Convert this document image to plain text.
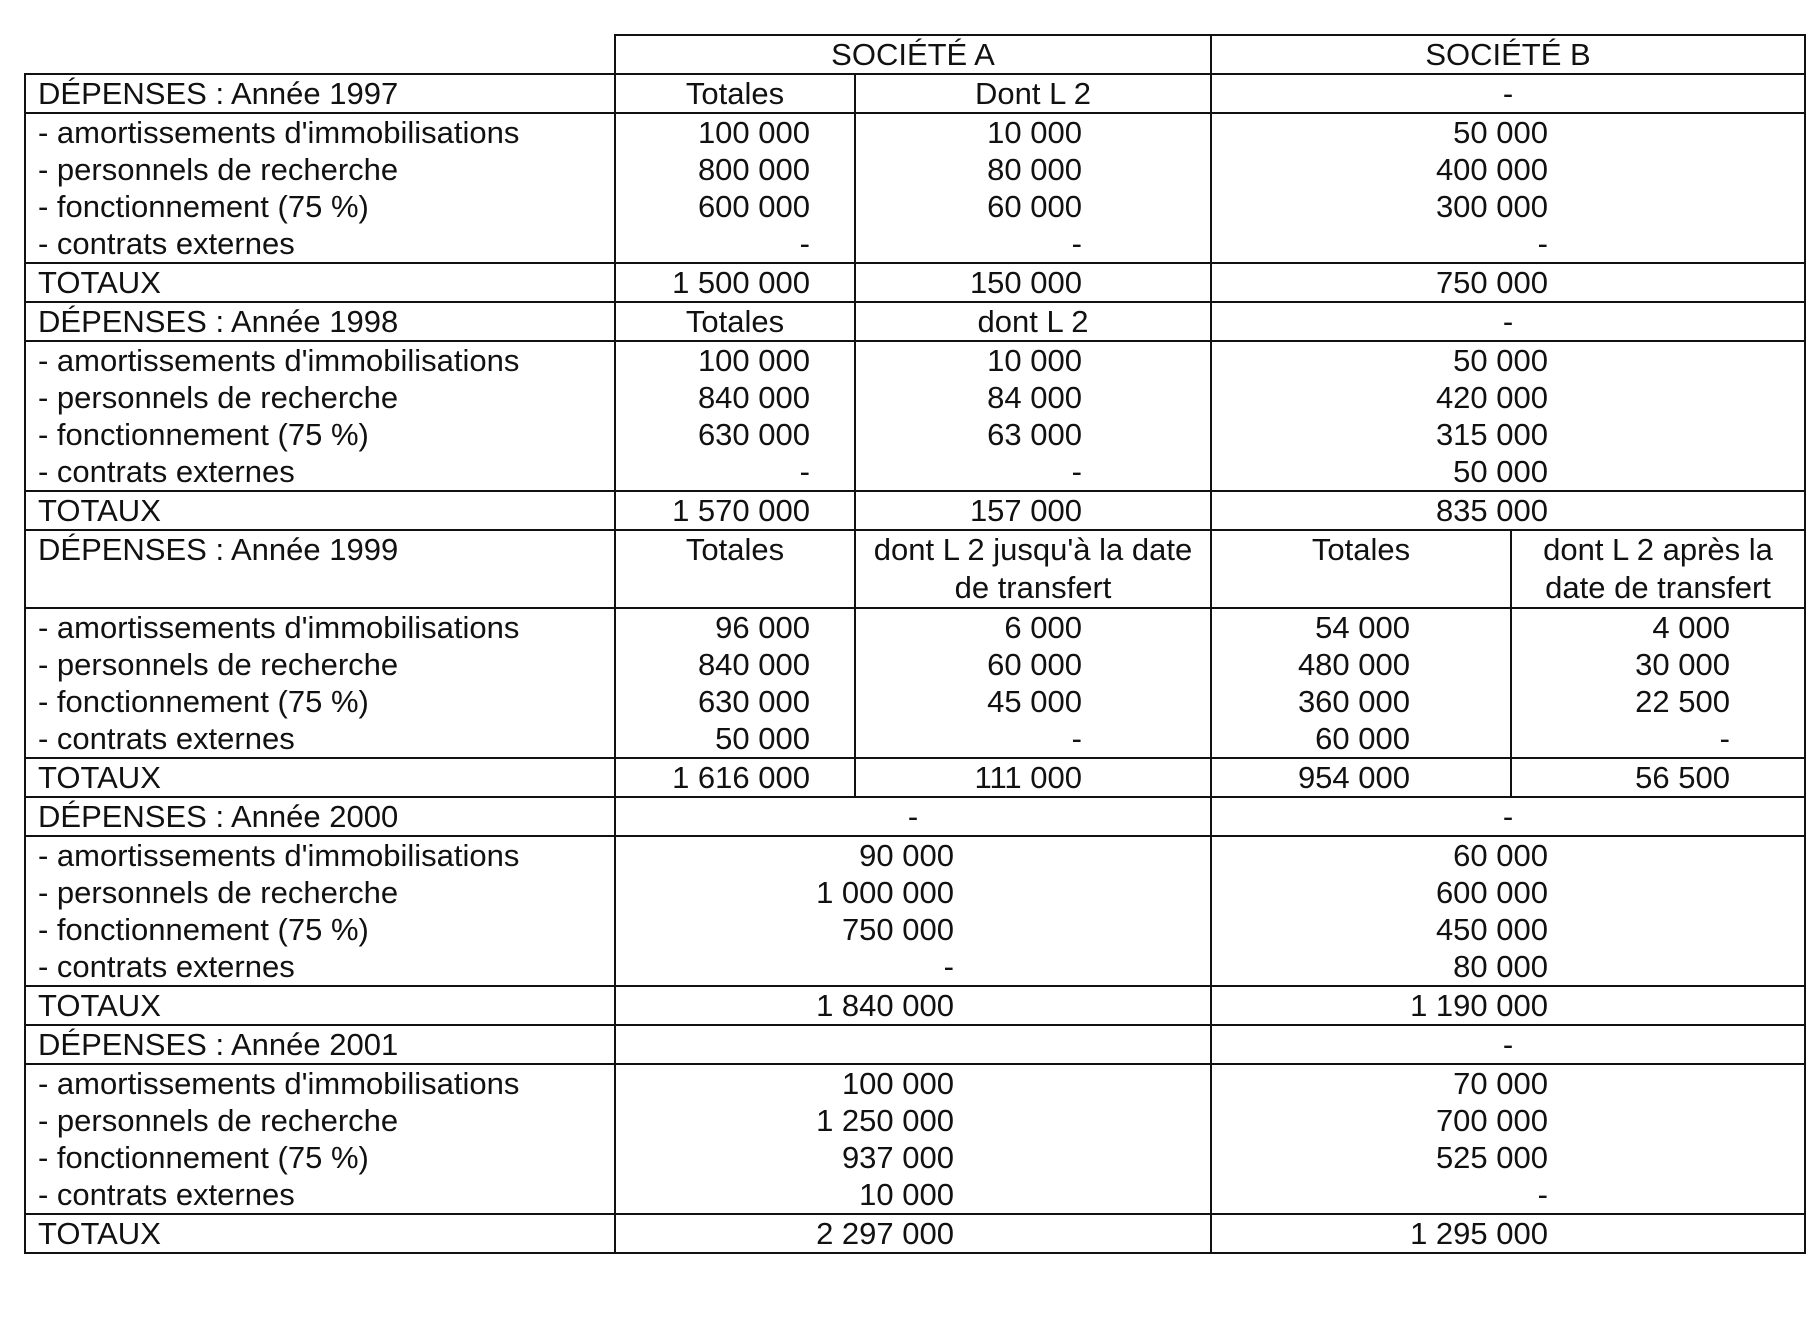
	SOCIÉTÉ A		SOCIÉTÉ B	
DÉPENSES : Année 1997	Totales	Dont L 2	-	
- amortissements d'immobilisations	100 000	10 000	50 000	
- personnels de recherche	800 000	80 000	400 000	
- fonctionnement (75 %)	600 000	60 000	300 000	
- contrats externes	-	-	-	
TOTAUX	1 500 000	150 000	750 000	
DÉPENSES : Année 1998	Totales	dont L 2	-	
- amortissements d'immobilisations	100 000	10 000	50 000	
- personnels de recherche	840 000	84 000	420 000	
- fonctionnement (75 %)	630 000	63 000	315 000	
- contrats externes	-	-	50 000	
TOTAUX	1 570 000	157 000	835 000	
DÉPENSES : Année 1999	Totales	dont L 2 jusqu'à la date de transfert	Totales	dont L 2 après la date de transfert
- amortissements d'immobilisations	96 000	6 000	54 000	4 000
- personnels de recherche	840 000	60 000	480 000	30 000
- fonctionnement (75 %)	630 000	45 000	360 000	22 500
- contrats externes	50 000	-	60 000	-
TOTAUX	1 616 000	111 000	954 000	56 500
DÉPENSES : Année 2000	-		-	
- amortissements d'immobilisations	90 000		60 000	
- personnels de recherche	1 000 000		600 000	
- fonctionnement (75 %)	750 000		450 000	
- contrats externes	-		80 000	
TOTAUX	1 840 000		1 190 000	
DÉPENSES : Année 2001			-	
- amortissements d'immobilisations	100 000		70 000	
- personnels de recherche	1 250 000		700 000	
- fonctionnement (75 %)	937 000		525 000	
- contrats externes	10 000		-	
TOTAUX	2 297 000		1 295 000	
